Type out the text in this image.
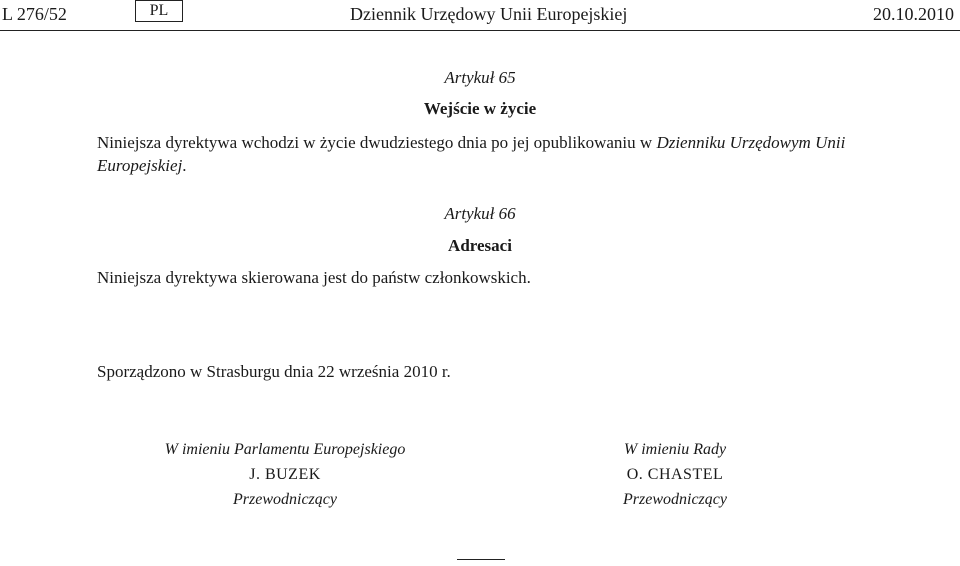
L 276/52	PL	Dziennik Urzędowy Unii Europejskiej	20.10.2010
Artykuł 65
Wejście w życie
Niniejsza dyrektywa wchodzi w życie dwudziestego dnia po jej opublikowaniu w Dzienniku Urzędowym Unii Europejskiej.
Artykuł 66
Adresaci
Niniejsza dyrektywa skierowana jest do państw członkowskich.
Sporządzono w Strasburgu dnia 22 września 2010 r.
W imieniu Parlamentu Europejskiego
J. BUZEK
Przewodniczący
W imieniu Rady
O. CHASTEL
Przewodniczący
